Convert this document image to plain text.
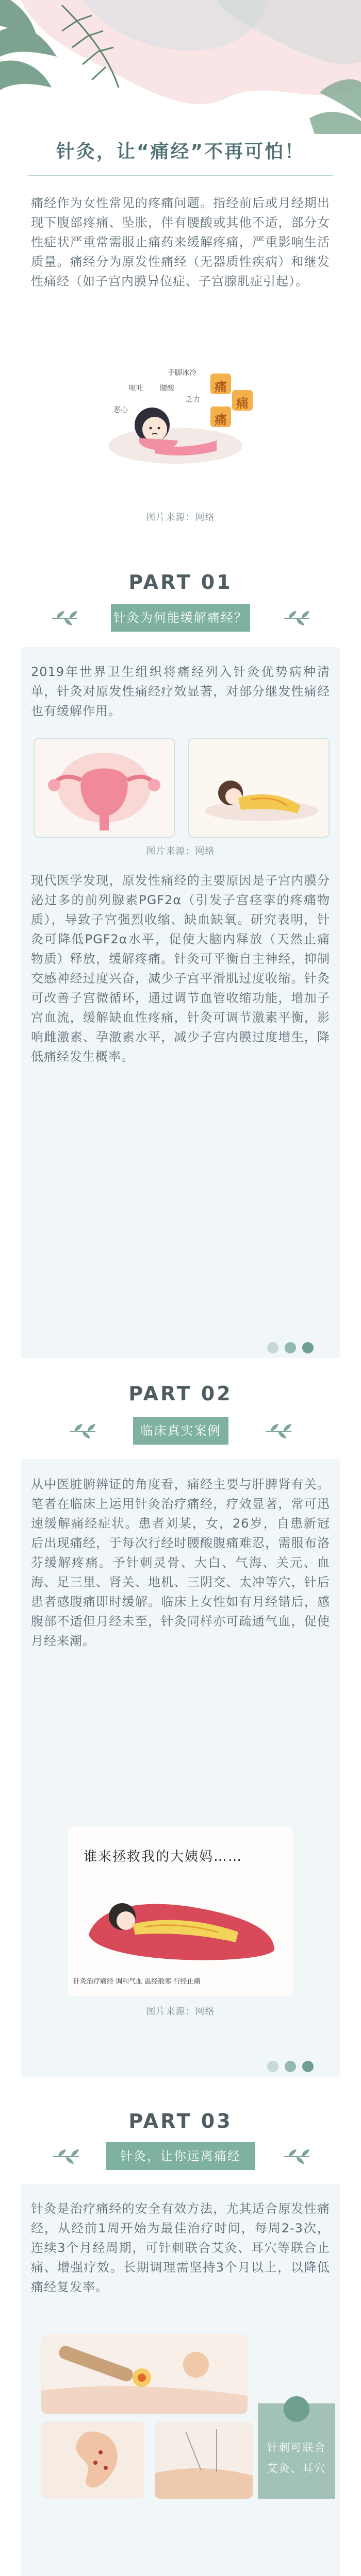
针灸，让“痛经”不再可怕！

痛经作为女性常见的疼痛问题。指经前后或月经期出现下腹部疼痛、坠胀，伴有腰酸或其他不适，部分女性症状严重常需服止痛药来缓解疼痛，严重影响生活质量。痛经分为原发性痛经（无器质性疾病）和继发性痛经（如子宫内膜异位症、子宫腺肌症引起）。

手脚冰冷
呕吐 腰酸
乏力
恶心
痛
痛
痛
图片来源：网络
PART 01
针灸为何能缓解痛经？

2019年世界卫生组织将痛经列入针灸优势病种清单，针灸对原发性痛经疗效显著，对部分继发性痛经也有缓解作用。

图片来源：网络

现代医学发现，原发性痛经的主要原因是子宫内膜分泌过多的前列腺素PGF2α（引发子宫痉挛的疼痛物质），导致子宫强烈收缩、缺血缺氧。研究表明，针灸可降低PGF2α水平，促使大脑内释放（天然止痛物质）释放，缓解疼痛。针灸可平衡自主神经，抑制交感神经过度兴奋，减少子宫平滑肌过度收缩。针灸可改善子宫微循环，通过调节血管收缩功能，增加子宫血流，缓解缺血性疼痛，针灸可调节激素平衡，影响雌激素、孕激素水平，减少子宫内膜过度增生，降低痛经发生概率。

PART 02
临床真实案例

从中医脏腑辨证的角度看，痛经主要与肝脾肾有关。笔者在临床上运用针灸治疗痛经，疗效显著，常可迅速缓解痛经症状。患者刘某，女，26岁，自患新冠后出现痛经，于每次行经时腰酸腹痛难忍，需服布洛芬缓解疼痛。予针刺灵骨、大白、气海、关元、血海、足三里、肾关、地机、三阴交、太冲等穴，针后患者感腹痛即时缓解。临床上女性如有月经错后，感腹部不适但月经未至，针灸同样亦可疏通气血，促使月经来潮。

谁来拯救我的大姨妈……
针灸治疗痛经 调和气血 温经散寒 行经止痛
图片来源：网络
PART 03
针灸，让你远离痛经

针灸是治疗痛经的安全有效方法，尤其适合原发性痛经，从经前1周开始为最佳治疗时间，每周2-3次，连续3个月经周期，可针刺联合艾灸、耳穴等联合止痛、增强疗效。长期调理需坚持3个月以上，以降低痛经复发率。

针刺可联合
艾灸、耳穴
